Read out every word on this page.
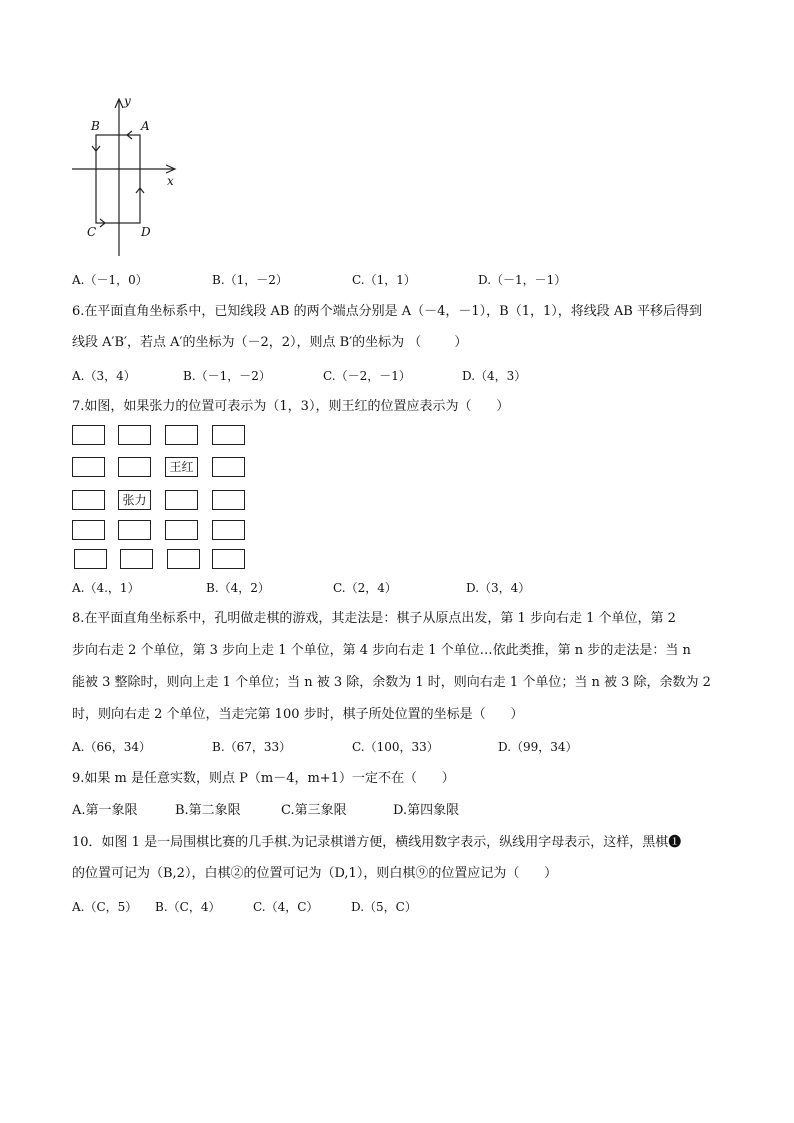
y
x
A
B
C	D
A.（－1，0）	B.（1，－2）	C.（1，1）	D.（－1，－1）

6.在平面直角坐标系中，已知线段 AB 的两个端点分别是 A（－4，－1），B（1，1），将线段 AB 平移后得到

线段 A′B′，若点 A′的坐标为（－2，2），则点 B′的坐标为 （        ）

A.（3，4）	B.（－1，－2）	C.（－2，－1）	D.（4，3）

7.如图，如果张力的位置可表示为（1，3），则王红的位置应表示为（      ）

王红
张力
A.（4.，1）	B.（4，2）	C.（2，4）	D.（3，4）

8.在平面直角坐标系中，孔明做走棋的游戏，其走法是：棋子从原点出发，第 1 步向右走 1 个单位，第 2

步向右走 2 个单位，第 3 步向上走 1 个单位，第 4 步向右走 1 个单位…依此类推，第 n 步的走法是：当 n

能被 3 整除时，则向上走 1 个单位；当 n 被 3 除，余数为 1 时，则向右走 1 个单位；当 n 被 3 除，余数为 2

时，则向右走 2 个单位，当走完第 100 步时，棋子所处位置的坐标是（      ）

A.（66，34）	B.（67，33）	C.（100，33）	D.（99，34）

9.如果 m 是任意实数，则点 P（m－4，m+1）一定不在（      ）

A.第一象限	B.第二象限	C.第三象限	D.第四象限

10．如图 1 是一局围棋比赛的几手棋.为记录棋谱方便，横线用数字表示，纵线用字母表示，这样，黑棋➊

的位置可记为（B,2），白棋②的位置可记为（D,1），则白棋⑨的位置应记为（      ）

A.（C，5） B.（C，4）	C.（4，C）	D.（5，C）
